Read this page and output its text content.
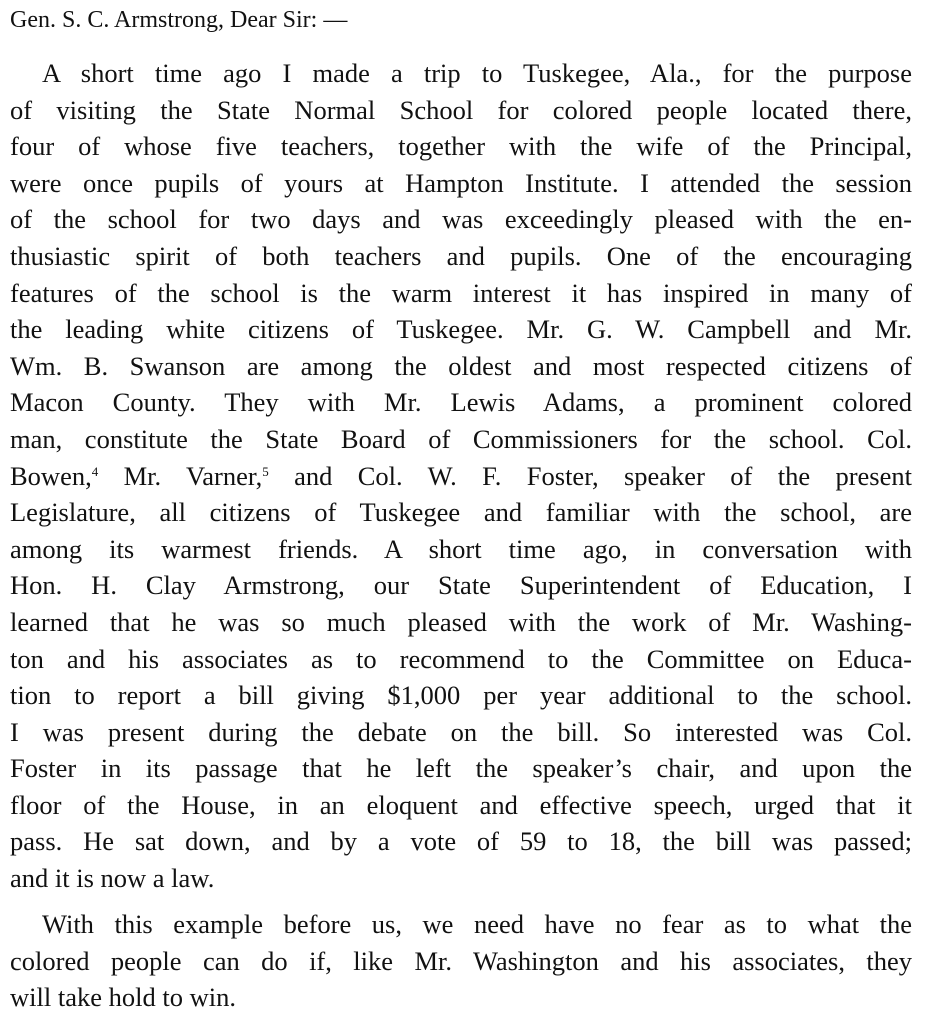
Gen. S. C. Armstrong, Dear Sir: —
A short time ago I made a trip to Tuskegee, Ala., for the purpose
of visiting the State Normal School for colored people located there,
four of whose five teachers, together with the wife of the Principal,
were once pupils of yours at Hampton Institute. I attended the session
of the school for two days and was exceedingly pleased with the en-
thusiastic spirit of both teachers and pupils. One of the encouraging
features of the school is the warm interest it has inspired in many of
the leading white citizens of Tuskegee. Mr. G. W. Campbell and Mr.
Wm. B. Swanson are among the oldest and most respected citizens of
Macon County. They with Mr. Lewis Adams, a prominent colored
man, constitute the State Board of Commissioners for the school. Col.
Bowen,$^4$ Mr. Varner,$^5$ and Col. W. F. Foster, speaker of the present
Legislature, all citizens of Tuskegee and familiar with the school, are
among its warmest friends. A short time ago, in conversation with
Hon. H. Clay Armstrong, our State Superintendent of Education, I
learned that he was so much pleased with the work of Mr. Washing-
ton and his associates as to recommend to the Committee on Educa-
tion to report a bill giving $1,000 per year additional to the school.
I was present during the debate on the bill. So interested was Col.
Foster in its passage that he left the speaker’s chair, and upon the
floor of the House, in an eloquent and effective speech, urged that it
pass. He sat down, and by a vote of 59 to 18, the bill was passed;
and it is now a law.
With this example before us, we need have no fear as to what the
colored people can do if, like Mr. Washington and his associates, they
will take hold to win.
